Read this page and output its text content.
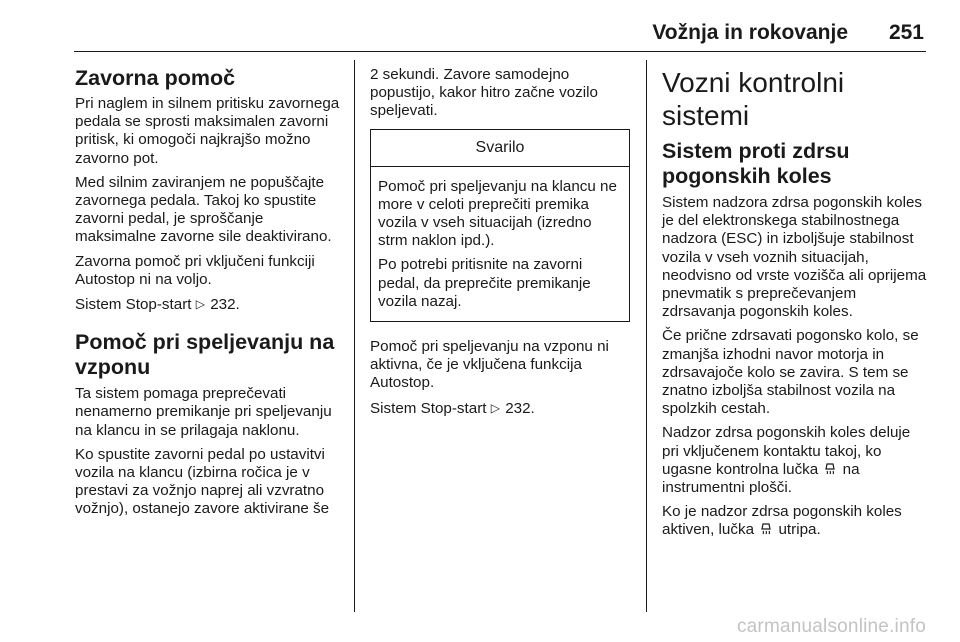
Vožnja in rokovanje	251
Zavorna pomoč

Pri naglem in silnem pritisku zavornega pedala se sprosti maksimalen zavorni pritisk, ki omogoči najkrajšo možno zavorno pot.

Med silnim zaviranjem ne popuščajte zavornega pedala. Takoj ko spustite zavorni pedal, je sproščanje maksimalne zavorne sile deaktivirano.

Zavorna pomoč pri vključeni funkciji Autostop ni na voljo.

Sistem Stop-start ▷ 232.

Pomoč pri speljevanju na vzponu

Ta sistem pomaga preprečevati nenamerno premikanje pri speljevanju na klancu in se prilagaja naklonu.

Ko spustite zavorni pedal po ustavitvi vozila na klancu (izbirna ročica je v prestavi za vožnjo naprej ali vzvratno vožnjo), ostanejo zavore aktivirane še

2 sekundi. Zavore samodejno popustijo, kakor hitro začne vozilo speljevati.

Svarilo

Pomoč pri speljevanju na klancu ne more v celoti preprečiti premika vozila v vseh situacijah (izredno strm naklon ipd.).

Po potrebi pritisnite na zavorni pedal, da preprečite premikanje vozila nazaj.

Pomoč pri speljevanju na vzponu ni aktivna, če je vključena funkcija Autostop.

Sistem Stop-start ▷ 232.

Vozni kontrolni sistemi
Sistem proti zdrsu pogonskih koles

Sistem nadzora zdrsa pogonskih koles je del elektronskega stabilnostnega nadzora (ESC) in izboljšuje stabilnost vozila v vseh voznih situacijah, neodvisno od vrste vozišča ali oprijema pnevmatik s preprečevanjem zdrsavanja pogonskih koles.

Če prične zdrsavati pogonsko kolo, se zmanjša izhodni navor motorja in zdrsavajoče kolo se zavira. S tem se znatno izboljša stabilnost vozila na spolzkih cestah.

Nadzor zdrsa pogonskih koles deluje pri vključenem kontaktu takoj, ko ugasne kontrolna lučka na instrumentni plošči.

Ko je nadzor zdrsa pogonskih koles aktiven, lučka utripa.

carmanualsonline.info
